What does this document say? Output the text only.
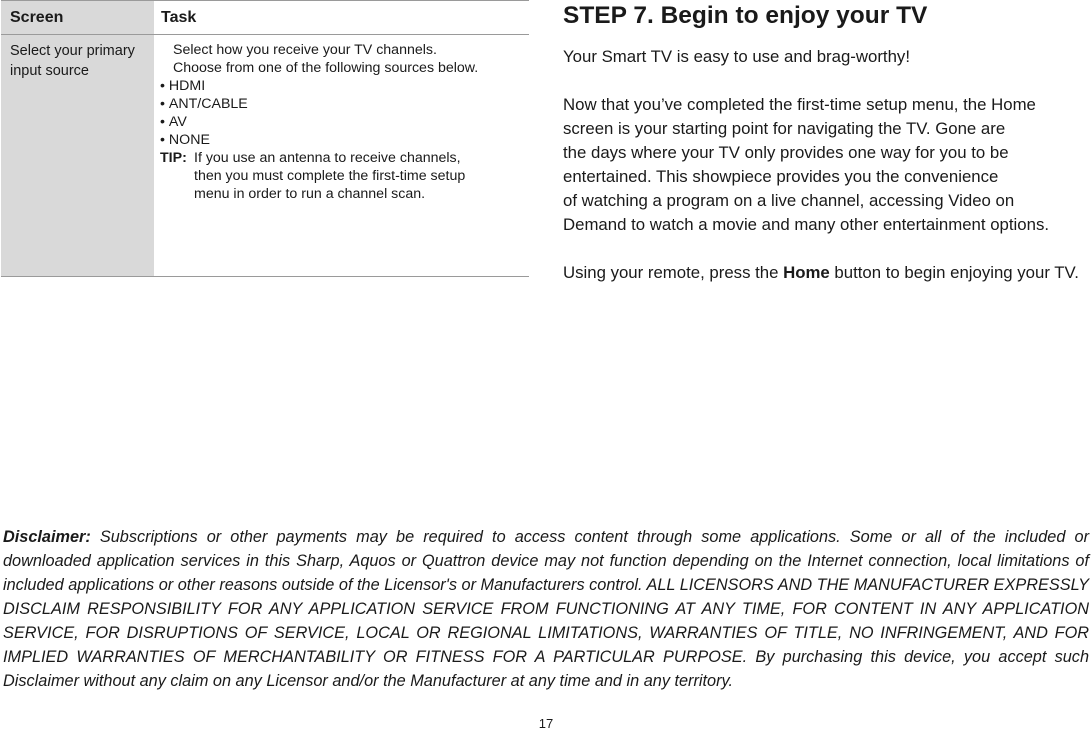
Screen	Task
Select your primary input source
Select how you receive your TV channels.
Choose from one of the following sources below.
• HDMI
• ANT/CABLE
• AV
• NONE
TIP: If you use an antenna to receive channels,
then you must complete the first-time setup
menu in order to run a channel scan.
STEP 7. Begin to enjoy your TV

Your Smart TV is easy to use and brag-worthy!

Now that you’ve completed the first-time setup menu, the Home
screen is your starting point for navigating the TV. Gone are
the days where your TV only provides one way for you to be
entertained. This showpiece provides you the convenience
of watching a program on a live channel, accessing Video on
Demand to watch a movie and many other entertainment options.

Using your remote, press the Home button to begin enjoying your TV.

Disclaimer: Subscriptions or other payments may be required to access content through some applications. Some or all of the included or downloaded application services in this Sharp, Aquos or Quattron device may not function depending on the Internet connection, local limitations of included applications or other reasons outside of the Licensor's or Manufacturers control. ALL LICENSORS AND THE MANUFACTURER EXPRESSLY DISCLAIM RESPONSIBILITY FOR ANY APPLICATION SERVICE FROM FUNCTIONING AT ANY TIME, FOR CONTENT IN ANY APPLICATION SERVICE, FOR DISRUPTIONS OF SERVICE, LOCAL OR REGIONAL LIMITATIONS, WARRANTIES OF TITLE, NO INFRINGEMENT, AND FOR IMPLIED WARRANTIES OF MERCHANTABILITY OR FITNESS FOR A PARTICULAR PURPOSE. By purchasing this device, you accept such Disclaimer without any claim on any Licensor and/or the Manufacturer at any time and in any territory.

17
